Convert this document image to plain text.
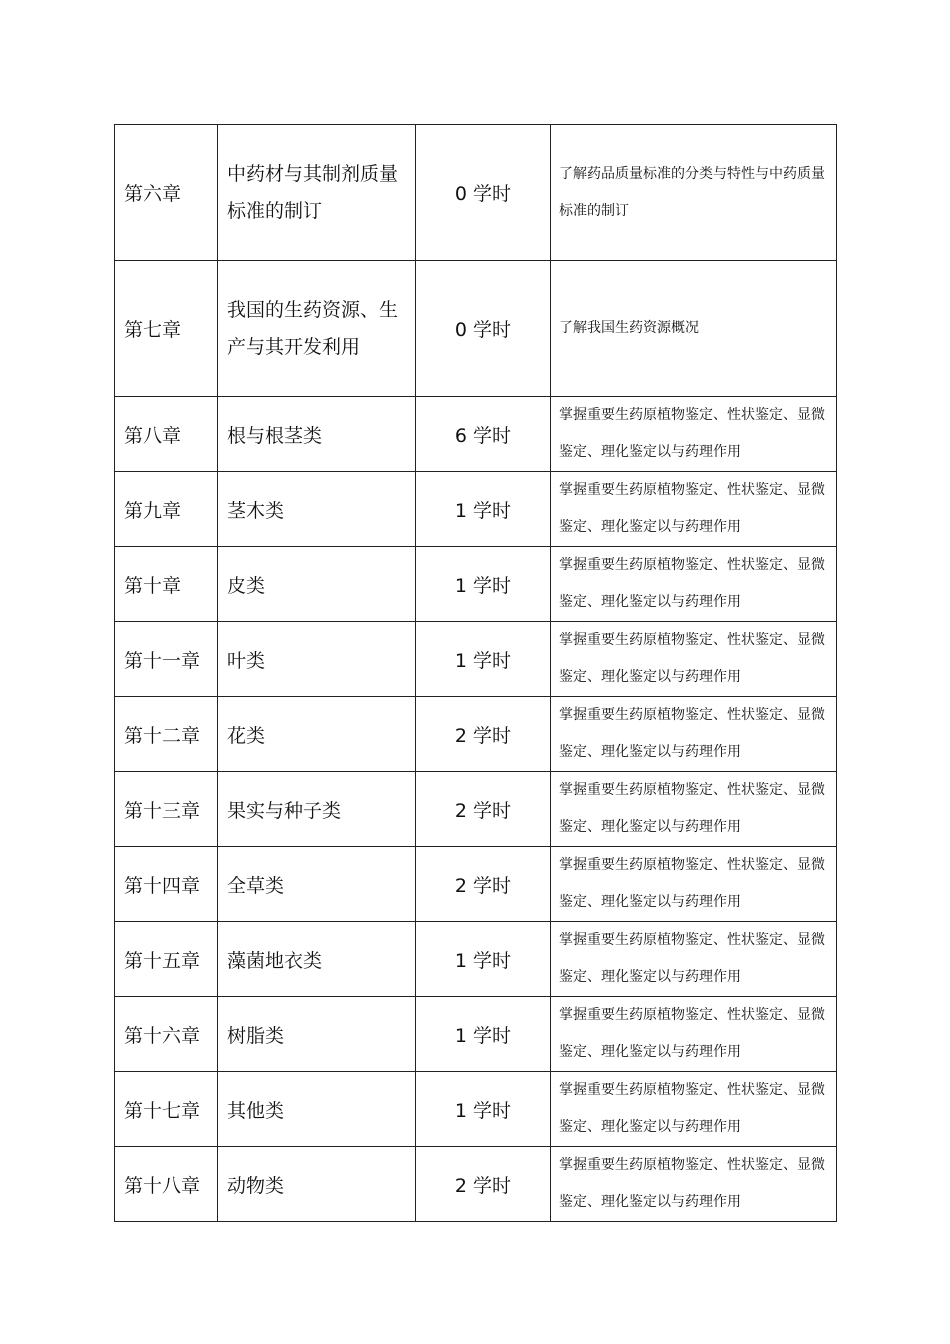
第六章	中药材与其制剂质量标准的制订	0 学时	了解药品质量标准的分类与特性与中药质量标准的制订
第七章	我国的生药资源、生产与其开发利用	0 学时	了解我国生药资源概况
第八章	根与根茎类	6 学时	掌握重要生药原植物鉴定、性状鉴定、显微鉴定、理化鉴定以与药理作用
第九章	茎木类	1 学时	掌握重要生药原植物鉴定、性状鉴定、显微鉴定、理化鉴定以与药理作用
第十章	皮类	1 学时	掌握重要生药原植物鉴定、性状鉴定、显微鉴定、理化鉴定以与药理作用
第十一章	叶类	1 学时	掌握重要生药原植物鉴定、性状鉴定、显微鉴定、理化鉴定以与药理作用
第十二章	花类	2 学时	掌握重要生药原植物鉴定、性状鉴定、显微鉴定、理化鉴定以与药理作用
第十三章	果实与种子类	2 学时	掌握重要生药原植物鉴定、性状鉴定、显微鉴定、理化鉴定以与药理作用
第十四章	全草类	2 学时	掌握重要生药原植物鉴定、性状鉴定、显微鉴定、理化鉴定以与药理作用
第十五章	藻菌地衣类	1 学时	掌握重要生药原植物鉴定、性状鉴定、显微鉴定、理化鉴定以与药理作用
第十六章	树脂类	1 学时	掌握重要生药原植物鉴定、性状鉴定、显微鉴定、理化鉴定以与药理作用
第十七章	其他类	1 学时	掌握重要生药原植物鉴定、性状鉴定、显微鉴定、理化鉴定以与药理作用
第十八章	动物类	2 学时	掌握重要生药原植物鉴定、性状鉴定、显微鉴定、理化鉴定以与药理作用
